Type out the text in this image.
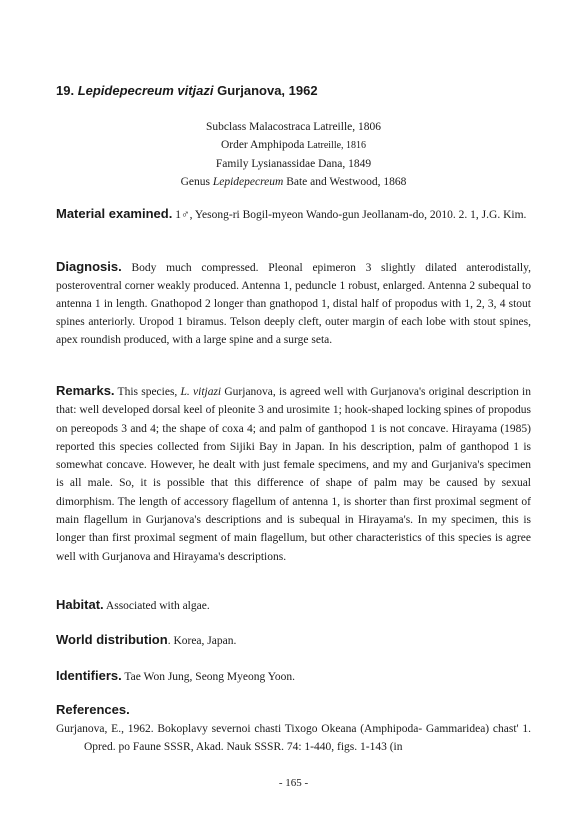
19. Lepidepecreum vitjazi Gurjanova, 1962
Subclass Malacostraca Latreille, 1806
Order Amphipoda Latreille, 1816
Family Lysianassidae Dana, 1849
Genus Lepidepecreum Bate and Westwood, 1868
Material examined. 1♂, Yesong-ri Bogil-myeon Wando-gun Jeollanam-do, 2010. 2. 1, J.G. Kim.
Diagnosis. Body much compressed. Pleonal epimeron 3 slightly dilated anterodistally, posteroventral corner weakly produced. Antenna 1, peduncle 1 robust, enlarged. Antenna 2 subequal to antenna 1 in length. Gnathopod 2 longer than gnathopod 1, distal half of propodus with 1, 2, 3, 4 stout spines anteriorly. Uropod 1 biramus. Telson deeply cleft, outer margin of each lobe with stout spines, apex roundish produced, with a large spine and a surge seta.
Remarks. This species, L. vitjazi Gurjanova, is agreed well with Gurjanova's original description in that: well developed dorsal keel of pleonite 3 and urosimite 1; hook-shaped locking spines of propodus on pereopods 3 and 4; the shape of coxa 4; and palm of ganthopod 1 is not concave. Hirayama (1985) reported this species collected from Sijiki Bay in Japan. In his description, palm of ganthopod 1 is somewhat concave. However, he dealt with just female specimens, and my and Gurjaniva's specimen is all male. So, it is possible that this difference of shape of palm may be caused by sexual dimorphism. The length of accessory flagellum of antenna 1, is shorter than first proximal segment of main flagellum in Gurjanova's descriptions and is subequal in Hirayama's. In my specimen, this is longer than first proximal segment of main flagellum, but other characteristics of this species is agree well with Gurjanova and Hirayama's descriptions.
Habitat. Associated with algae.
World distribution. Korea, Japan.
Identifiers. Tae Won Jung, Seong Myeong Yoon.
References.
Gurjanova, E., 1962. Bokoplavy severnoi chasti Tixogo Okeana (Amphipoda- Gammaridea) chast' 1. Opred. po Faune SSSR, Akad. Nauk SSSR. 74: 1-440, figs. 1-143 (in
- 165 -
